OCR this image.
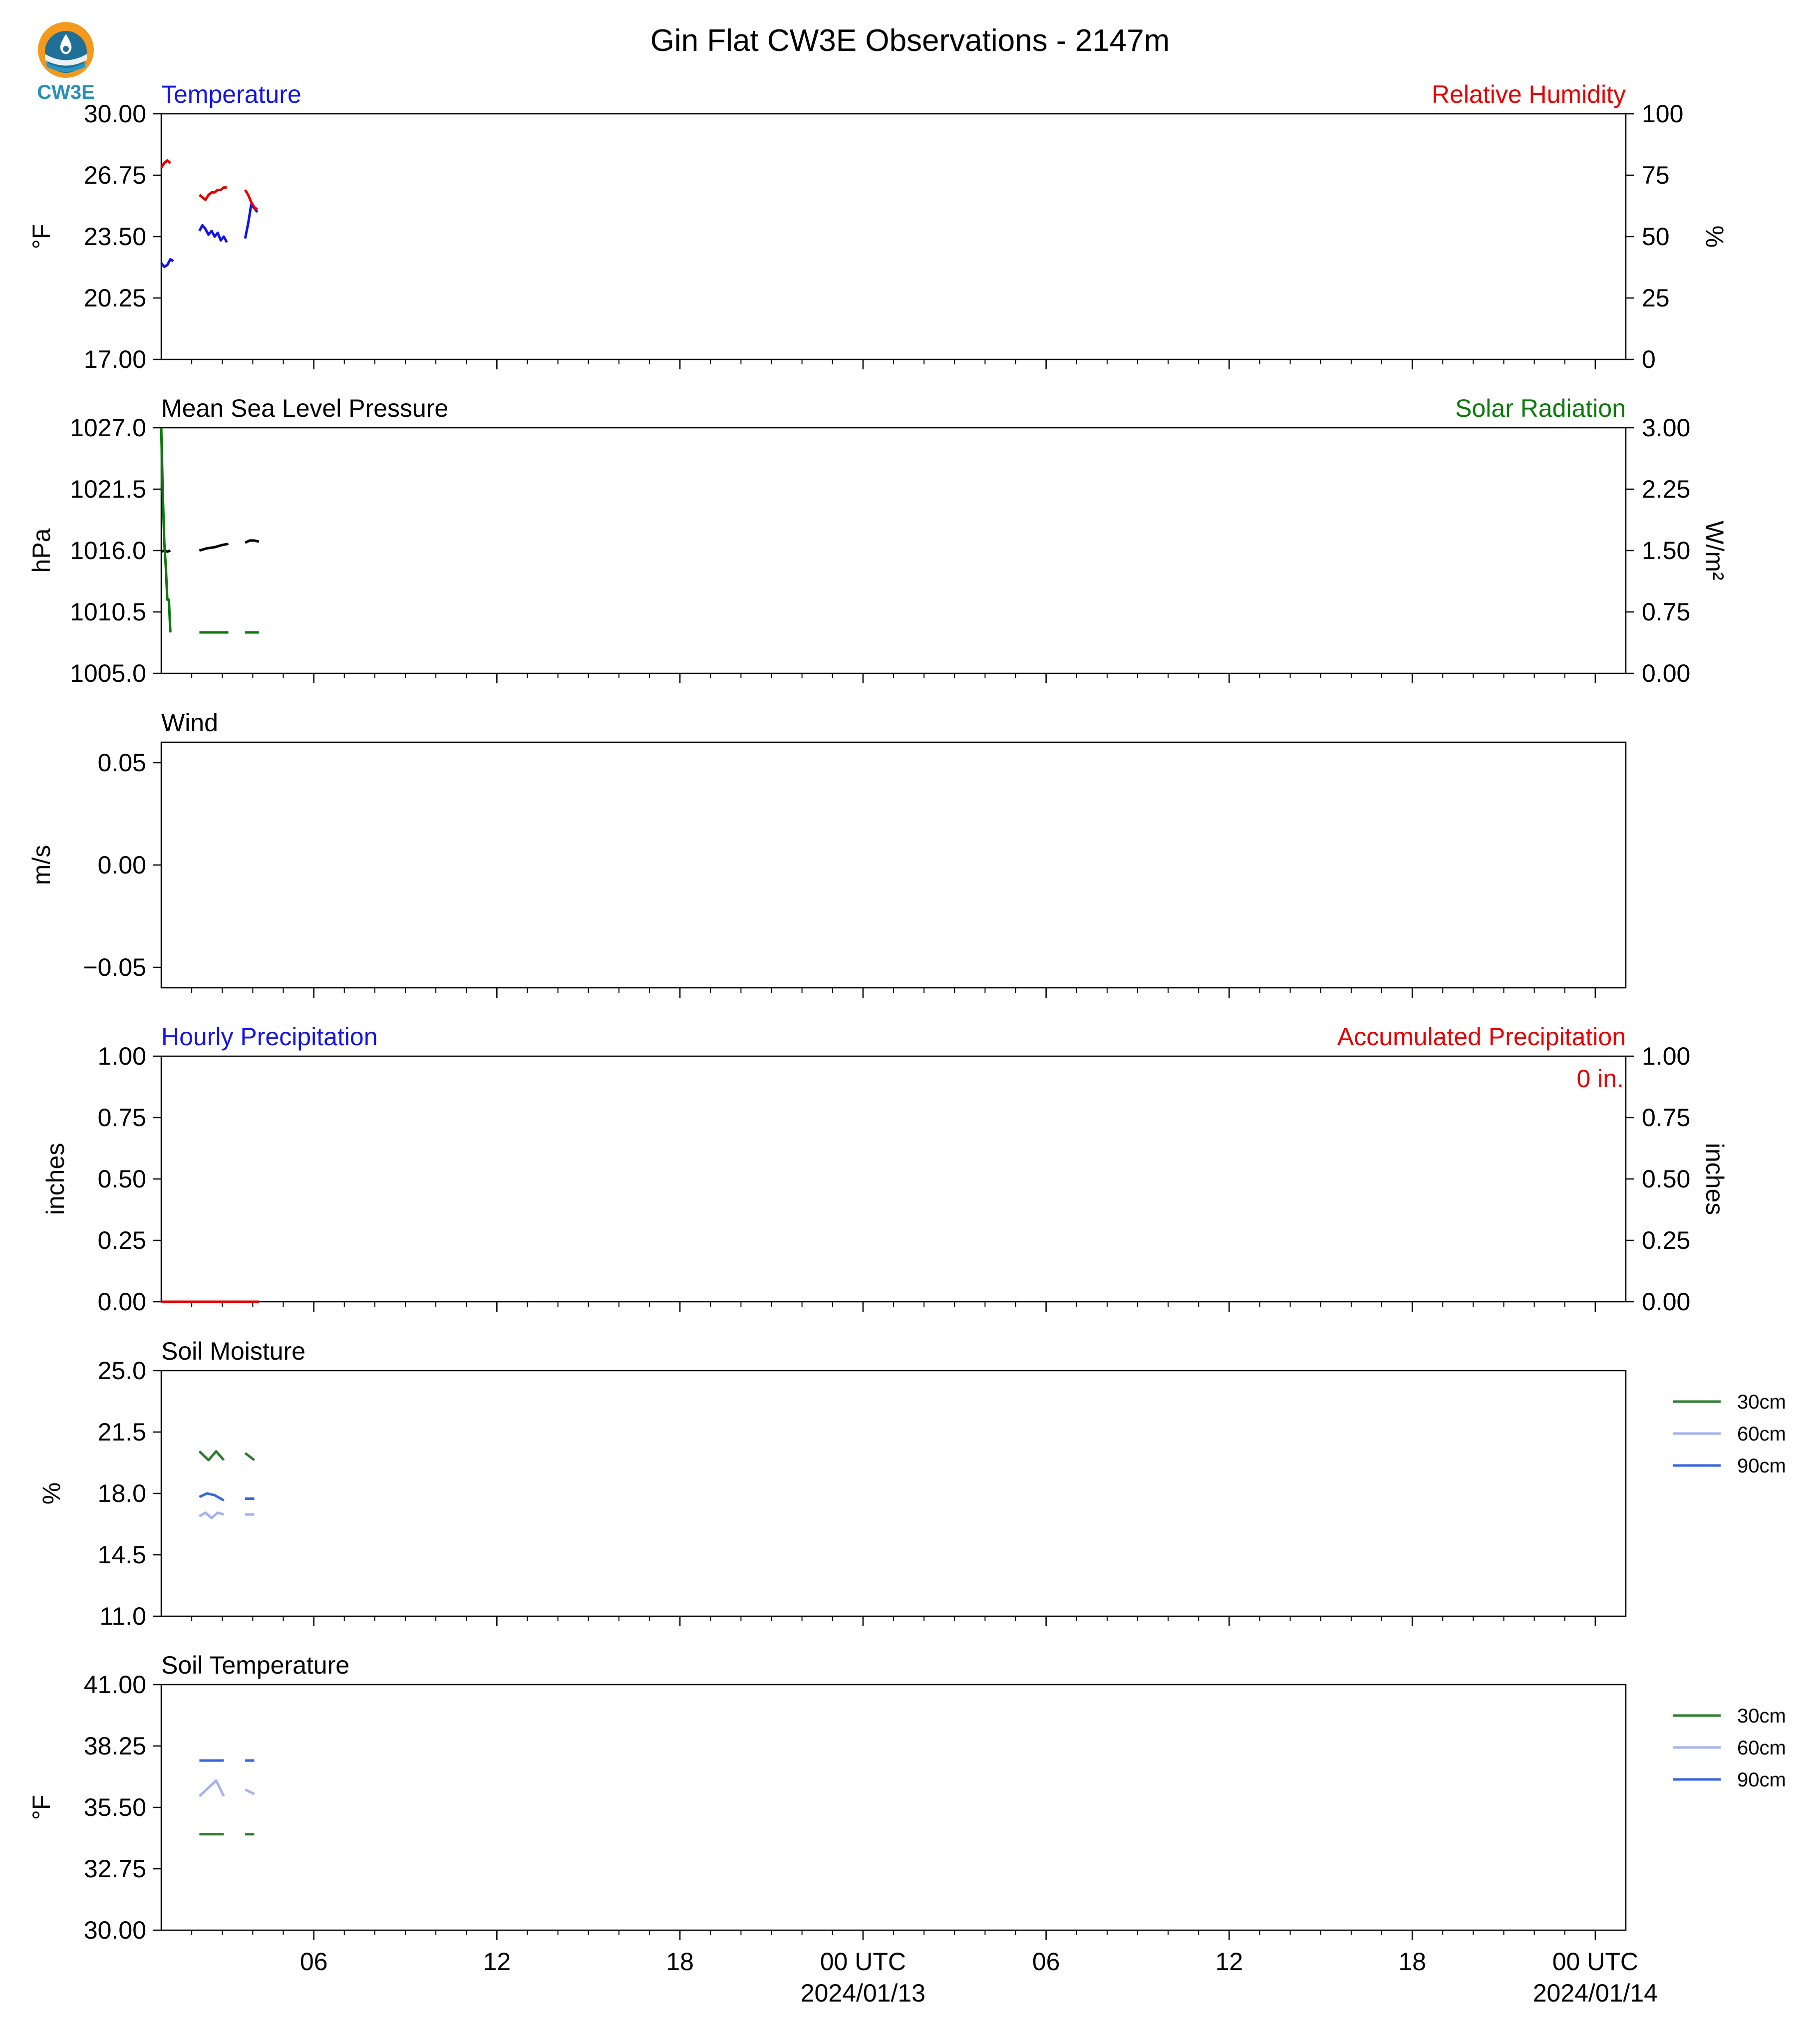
CW3E
Gin Flat CW3E Observations - 2147m
Temperature	Relative Humidity
30.00
26.75
23.50
20.25
17.00
100
75
50
25
0
°F	%
Mean Sea Level Pressure	Solar Radiation
1027.0
1021.5
1016.0
1010.5
1005.0
3.00
2.25
1.50
0.75
0.00
hPa	W/m²
Wind
0.05
0.00
−0.05
m/s
Hourly Precipitation	Accumulated Precipitation
1.00
0.75
0.50
0.25
0.00
1.00
0.75
0.50
0.25
0.00
inches	inches
0 in.
Soil Moisture
25.0
21.5
18.0
14.5
11.0
%
30cm
60cm
90cm
Soil Temperature
41.00
38.25
35.50
32.75
30.00
°F
30cm
60cm
90cm
06	12	18	00 UTC
2024/01/13
06	12	18	00 UTC
2024/01/14
